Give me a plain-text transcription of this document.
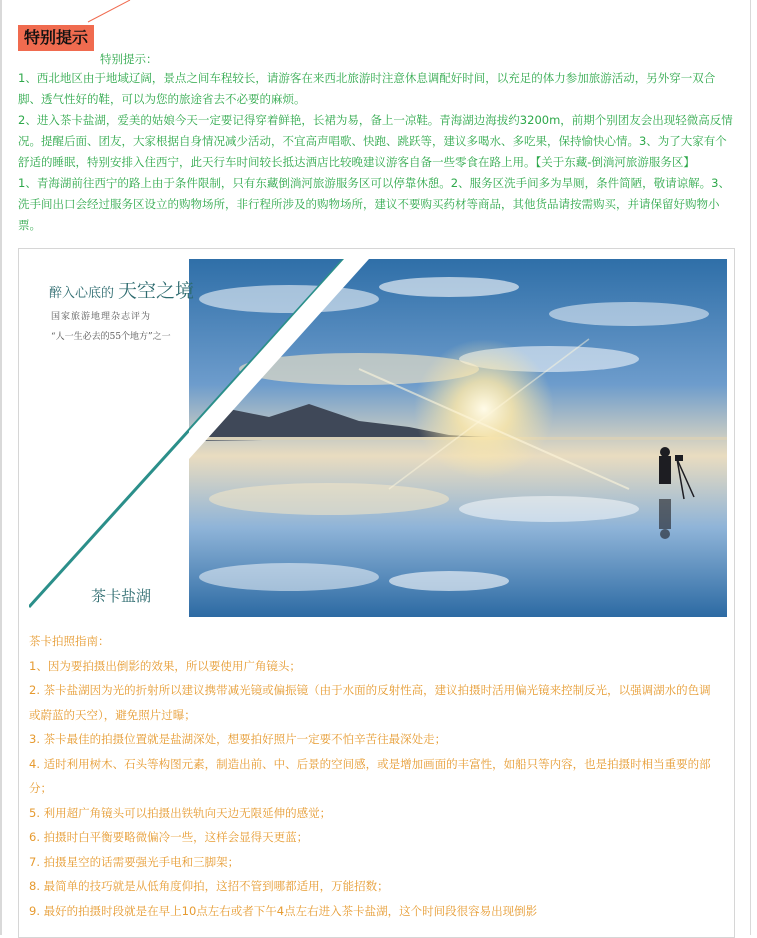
特别提示
特别提示：

1、西北地区由于地域辽阔，景点之间车程较长，请游客在来西北旅游时注意休息调配好时间，以充足的体力参加旅游活动，另外穿一双合脚、透气性好的鞋，可以为您的旅途省去不必要的麻烦。

2、进入茶卡盐湖，爱美的姑娘今天一定要记得穿着鲜艳，长裙为易，备上一凉鞋。青海湖边海拔约3200m，前期个别团友会出现轻微高反情况。提醒后面、团友，大家根据自身情况减少活动，不宜高声唱歌、快跑、跳跃等，建议多喝水、多吃果，保持愉快心情。3、为了大家有个舒适的睡眠，特别安排入住西宁，此天行车时间较长抵达酒店比较晚建议游客自备一些零食在路上用。【关于东藏-倒淌河旅游服务区】

1、青海湖前往西宁的路上由于条件限制，只有东藏倒淌河旅游服务区可以停靠休憩。2、服务区洗手间多为旱厕，条件简陋，敬请谅解。3、洗手间出口会经过服务区设立的购物场所，非行程所涉及的购物场所，建议不要购买药材等商品，其他货品请按需购买，并请保留好购物小票。

醉入心底的 天空之境
国家旅游地理杂志评为
“人一生必去的55个地方”之一
茶卡盐湖

茶卡拍照指南：

1、因为要拍摄出倒影的效果，所以要使用广角镜头；

2. 茶卡盐湖因为光的折射所以建议携带减光镜或偏振镜（由于水面的反射性高，建议拍摄时活用偏光镜来控制反光，以强调湖水的色调或蔚蓝的天空），避免照片过曝；

3. 茶卡最佳的拍摄位置就是盐湖深处，想要拍好照片一定要不怕辛苦往最深处走；

4. 适时利用树木、石头等构图元素，制造出前、中、后景的空间感，或是增加画面的丰富性，如船只等内容，也是拍摄时相当重要的部分；

5. 利用超广角镜头可以拍摄出铁轨向天边无限延伸的感觉；

6. 拍摄时白平衡要略微偏冷一些，这样会显得天更蓝；

7. 拍摄星空的话需要强光手电和三脚架；

8. 最简单的技巧就是从低角度仰拍，这招不管到哪都适用，万能招数；

9. 最好的拍摄时段就是在早上10点左右或者下午4点左右进入茶卡盐湖，这个时间段很容易出现倒影
